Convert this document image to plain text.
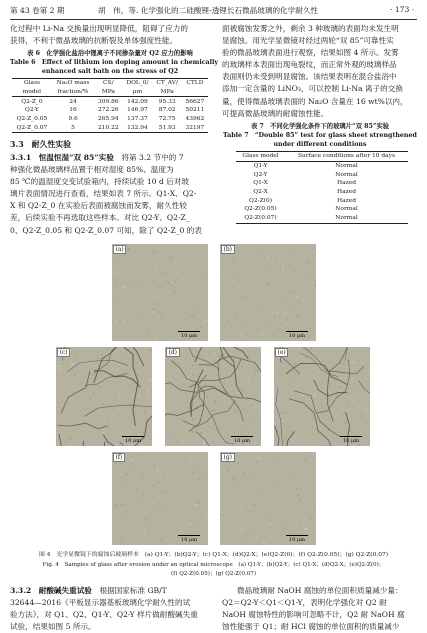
第 43 卷第 2 期	胡　伟，等. 化学强化的二硅酸锂-透锂长石微晶玻璃的化学耐久性	· 173 ·
化过程中 Li-Na 交换量出现明显降低，阻碍了应力的
获得，不利于微晶玻璃的抗断裂及单体强度性能。
表 6　化学强化盐浴中锂离子不同掺杂量对 Q2 应力的影响
Table 6　Effect of lithium ion doping amount in chemically
enhanced salt bath on the stress of Q2
Glass	Na₂O mass	CS/	DOL_0/	CT_AV/	CTLD
model	fraction/%	MPa	μm	MPa	
Q2-Z_0	24	309.86	142.09	95.33	56627
Q2-Y	16	272.26	146.97	87.02	50211
Q2-Z_0.05	9.6	265.94	137.37	72.75	43962
Q2-Z_0.07	5	210.22	132.94	51.93	32197
3.3　耐久性实验
3.3.1　恒温恒湿“双 85”实验　 将第 3.2 节中的 7
种强化微晶玻璃样品置于相对湿度 85%、温度为
85 ℃的温湿度交变试验箱内，持续试验 10 d 后对玻
璃片表面情况进行查看，结果如表 7 所示。Q1-X、Q2-
X 和 Q2-Z_0 在实验后表面被腐蚀而发雾，耐久性较
差，后续实验不再选取这些样本。对比 Q2-Y、Q2-Z_
0、Q2-Z_0.05 和 Q2-Z_0.07 可知，除了 Q2-Z_0 的表
面被腐蚀发雾之外，剩余 3 种玻璃的表面均未发生明
显腐蚀。用光学显微镜对经过两轮“双 85”可靠性实
验的微晶玻璃表面进行观察，结果如图 4 所示。发雾
的玻璃样本表面出现龟裂纹，而正常外观的玻璃样品
表面则仍未受到明显腐蚀。该结果表明在混合盐浴中
添加一定含量的 LiNO₃，可以控制 Li-Na 离子的交换
量，使得微晶玻璃表面的 Na₂O 含量在 16 wt%以内，
可提高微晶玻璃的耐腐蚀性能。
表 7　不同化学强化条件下的玻璃片“双 85”实验
Table 7　“Double 85” test for glass sheet strengthened
under different conditions
Glass model	Surface conditions after 10 days
Q1-Y	Normal
Q2-Y	Normal
Q1-X	Hazed
Q2-X	Hazed
Q2-Z(0)	Hazed
Q2-Z(0.05)	Normal
Q2-Z(0.07)	Normal
(a)
10 μm
(b)
10 μm
(c)
10 μm
(d)
10 μm
(e)
10 μm
(f)
10 μm
(g)
10 μm
图 4　光学显微镜下的腐蚀后玻璃样本　(a) Q1-Y；(b)Q2-Y；(c) Q1-X；(d)Q2-X；(e)Q2-Z(0)；(f) Q2-Z(0.05)；(g) Q2-Z(0.07)
Fig. 4　Samples of glass after erosion under an optical microscope　(a) Q1-Y；(b)Q2-Y；(c) Q1-X；(d)Q2-X；(e)Q2-Z(0)；
(f) Q2-Z(0.05)；(g) Q2-Z(0.07)
3.3.2　耐酸碱失重试验　 根据国家标准 GB/T
32644—2016《平板显示器基板玻璃化学耐久性的试
验方法》，对 Q1、Q2、Q1-Y、Q2-Y 样片做耐酸碱失重
试验，结果如图 5 所示。
微晶玻璃耐 NaOH 腐蚀的单位面积质量减少量：
Q2＝Q2-Y＜Q1＜Q1-Y，表明化学强化对 Q2 耐
NaOH 腐蚀特性的影响可忽略不计，Q2 耐 NaOH 腐
蚀性能强于 Q1；耐 HCl 腐蚀的单位面积的质量减少
